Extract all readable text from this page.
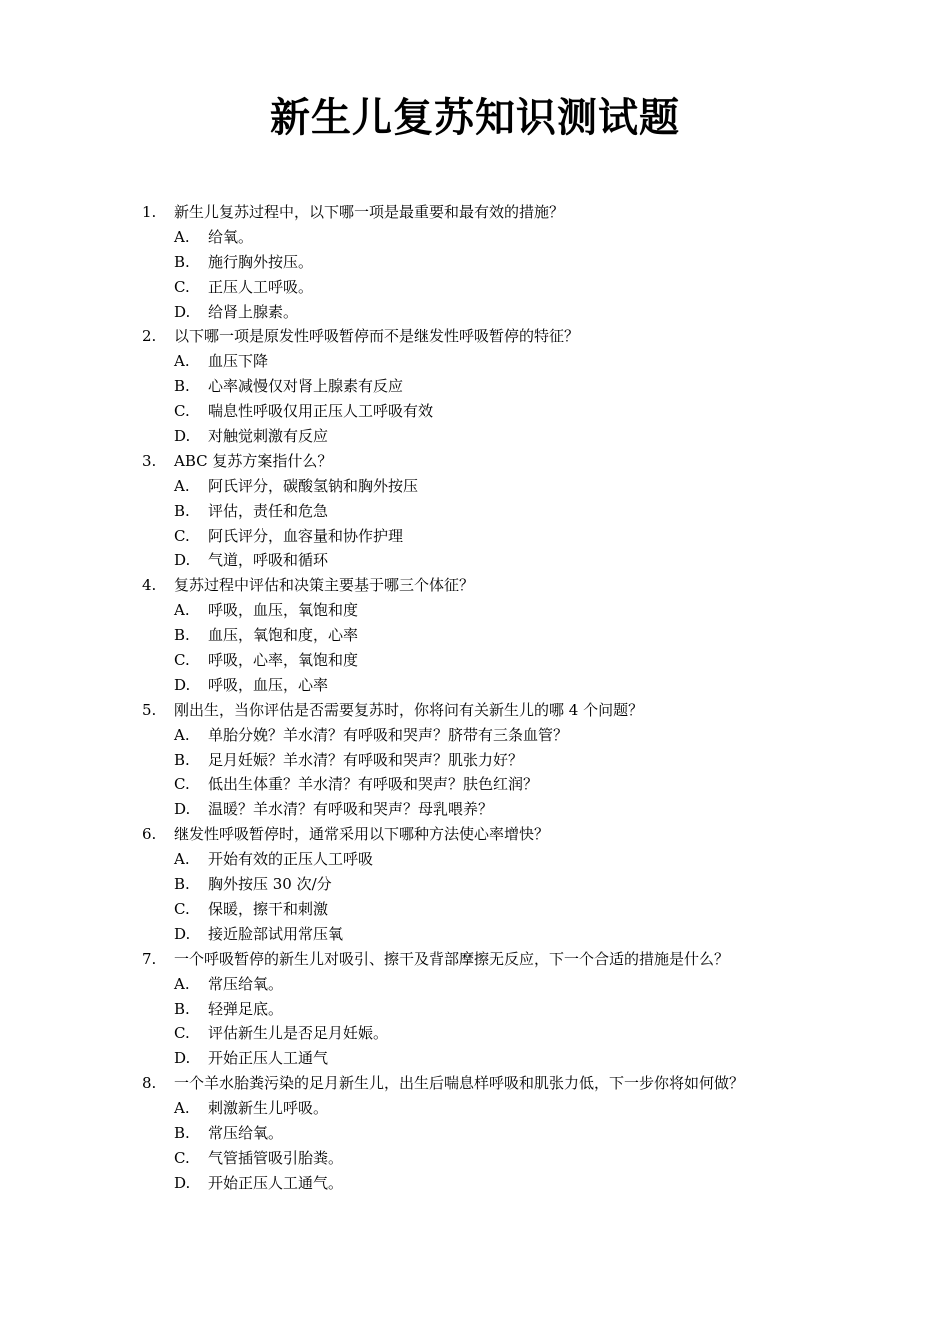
新生儿复苏知识测试题
1. 新生儿复苏过程中，以下哪一项是最重要和最有效的措施？
A. 给氧。
B. 施行胸外按压。
C. 正压人工呼吸。
D. 给肾上腺素。
2. 以下哪一项是原发性呼吸暂停而不是继发性呼吸暂停的特征？
A. 血压下降
B. 心率减慢仅对肾上腺素有反应
C. 喘息性呼吸仅用正压人工呼吸有效
D. 对触觉刺激有反应
3. ABC 复苏方案指什么？
A. 阿氏评分，碳酸氢钠和胸外按压
B. 评估，责任和危急
C. 阿氏评分，血容量和协作护理
D. 气道，呼吸和循环
4. 复苏过程中评估和决策主要基于哪三个体征？
A. 呼吸，血压，氧饱和度
B. 血压，氧饱和度，心率
C. 呼吸，心率，氧饱和度
D. 呼吸，血压，心率
5. 刚出生，当你评估是否需要复苏时，你将问有关新生儿的哪 4 个问题？
A. 单胎分娩？羊水清？有呼吸和哭声？脐带有三条血管？
B. 足月妊娠？羊水清？有呼吸和哭声？肌张力好？
C. 低出生体重？羊水清？有呼吸和哭声？肤色红润？
D. 温暖？羊水清？有呼吸和哭声？母乳喂养？
6. 继发性呼吸暂停时，通常采用以下哪种方法使心率增快？
A. 开始有效的正压人工呼吸
B. 胸外按压 30 次/分
C. 保暖，擦干和刺激
D. 接近脸部试用常压氧
7. 一个呼吸暂停的新生儿对吸引、擦干及背部摩擦无反应，下一个合适的措施是什么？
A. 常压给氧。
B. 轻弹足底。
C. 评估新生儿是否足月妊娠。
D. 开始正压人工通气
8. 一个羊水胎粪污染的足月新生儿，出生后喘息样呼吸和肌张力低，下一步你将如何做？
A. 刺激新生儿呼吸。
B. 常压给氧。
C. 气管插管吸引胎粪。
D. 开始正压人工通气。
